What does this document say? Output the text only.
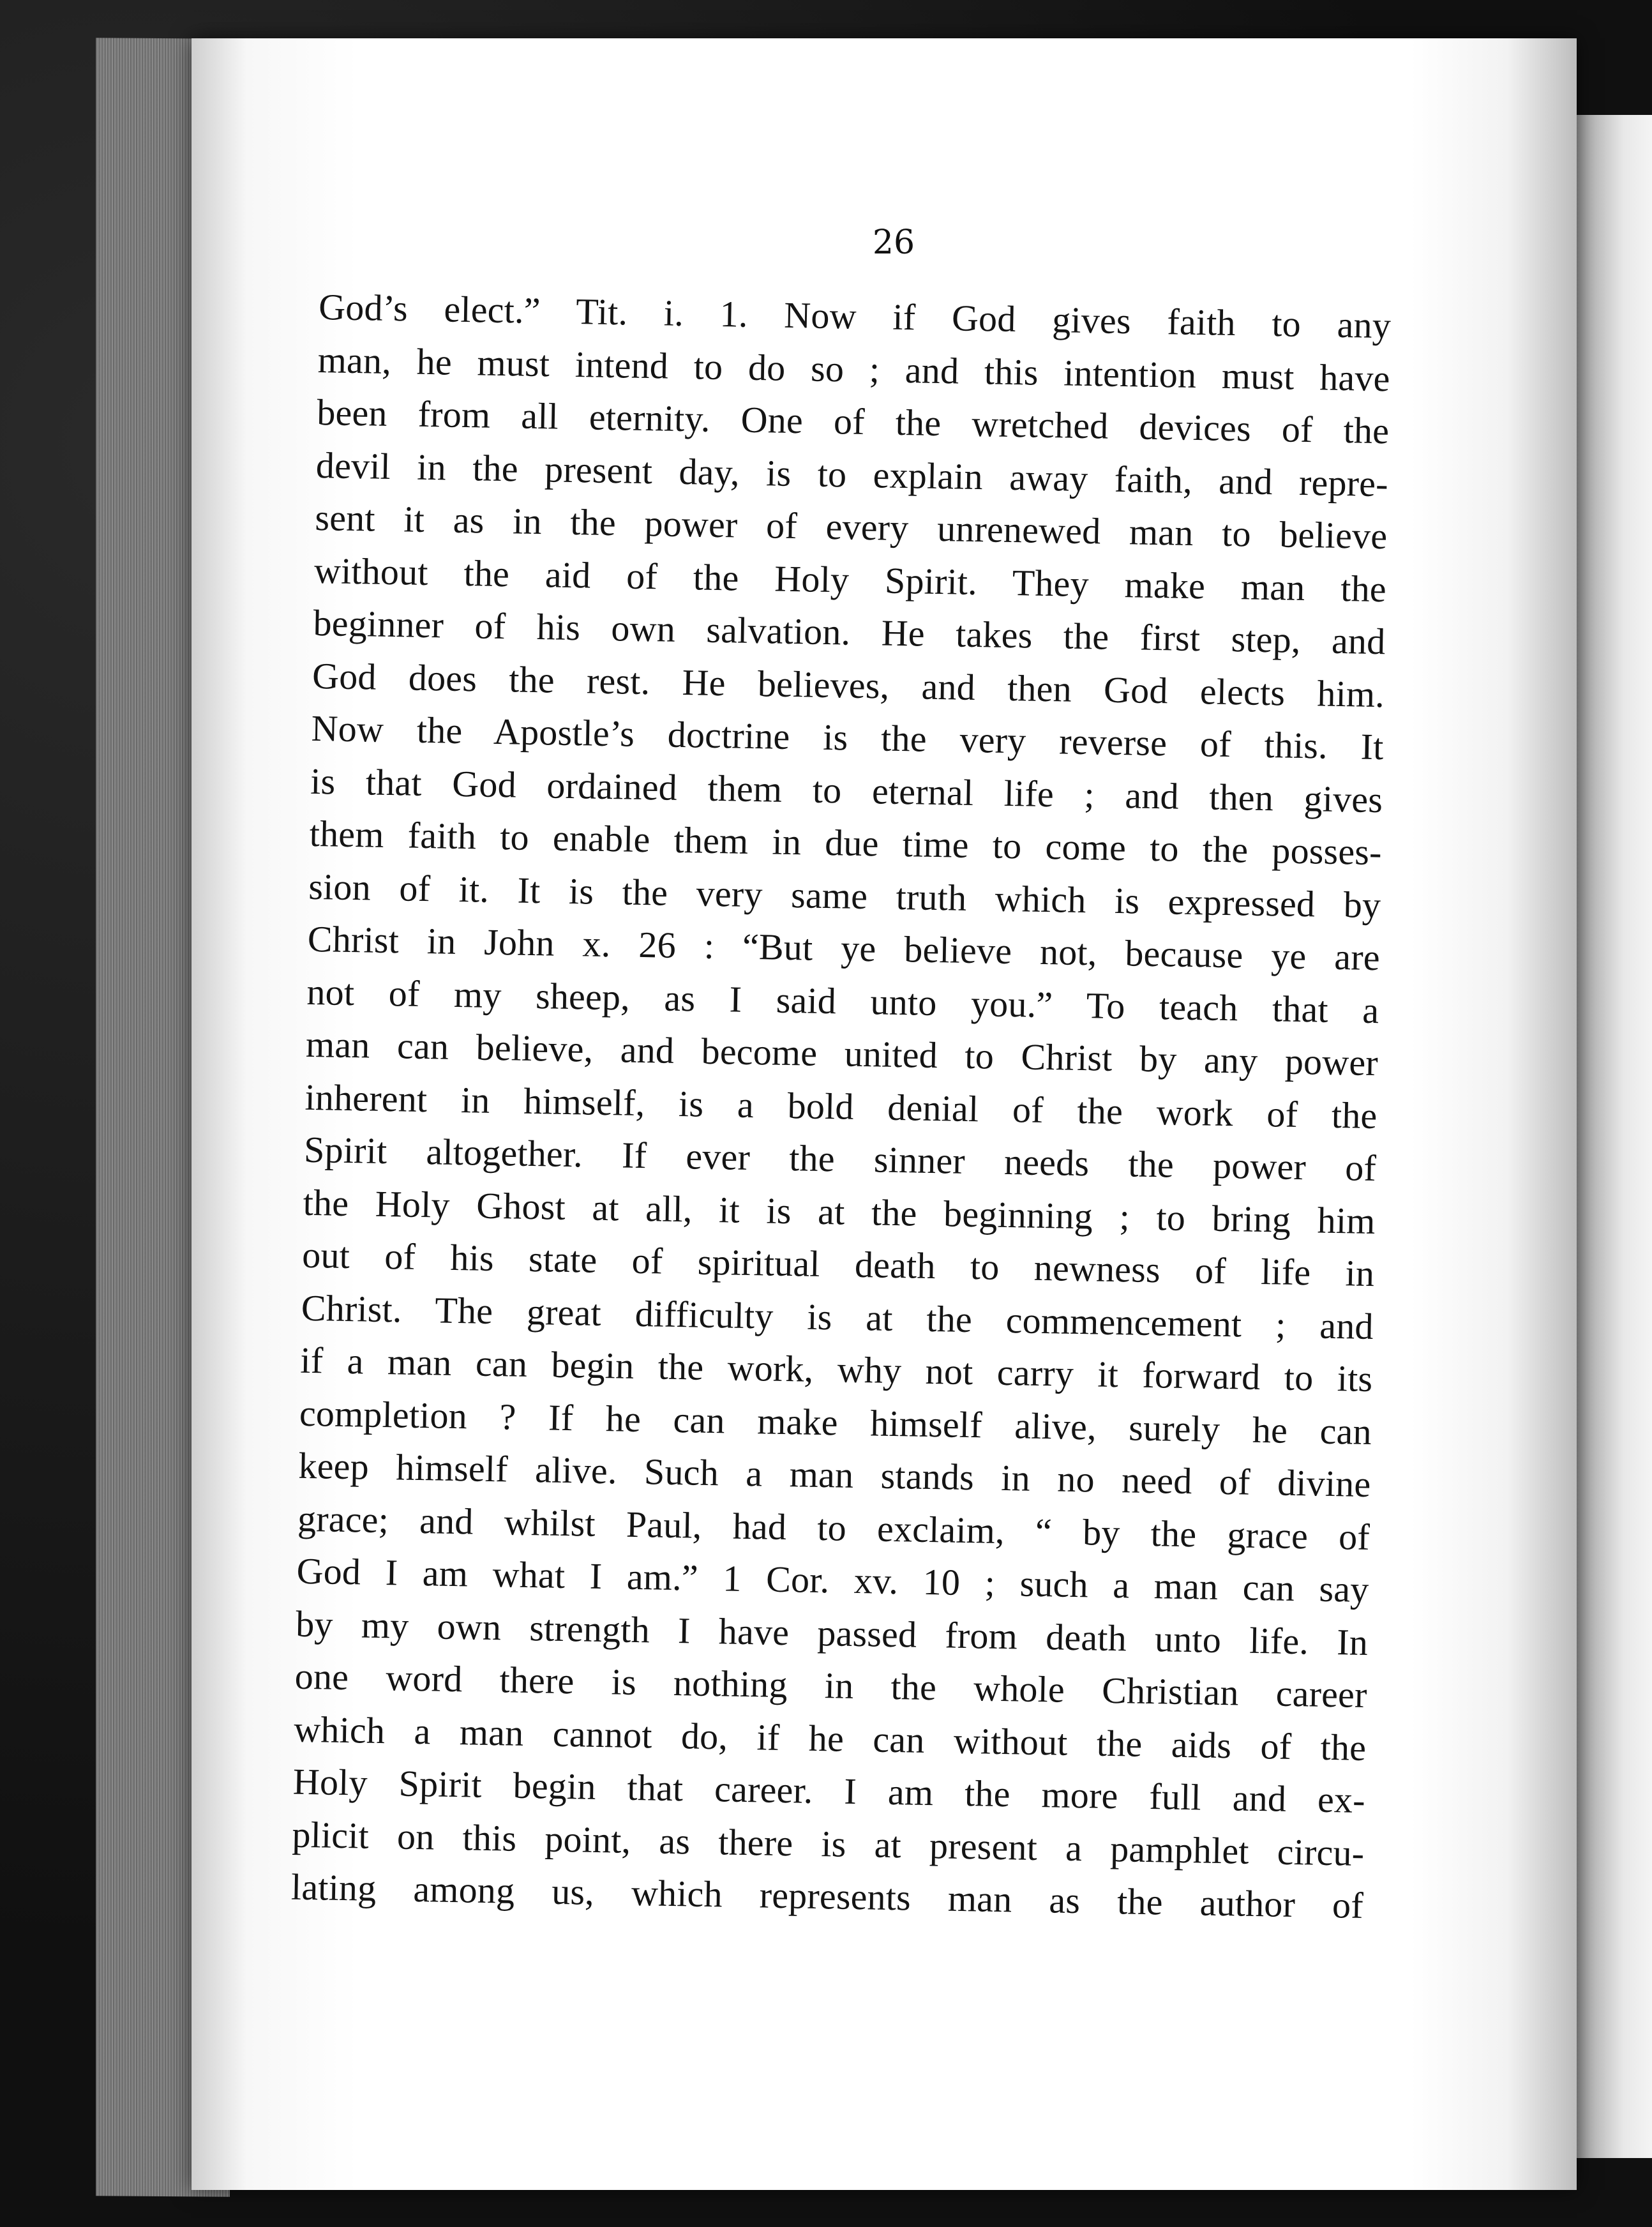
26
God’s elect.” Tit. i. 1. Now if God gives faith to any
man, he must intend to do so ; and this intention must have
been from all eternity. One of the wretched devices of the
devil in the present day, is to explain away faith, and repre-
sent it as in the power of every unrenewed man to believe
without the aid of the Holy Spirit. They make man the
beginner of his own salvation. He takes the first step, and
God does the rest. He believes, and then God elects him.
Now the Apostle’s doctrine is the very reverse of this. It
is that God ordained them to eternal life ; and then gives
them faith to enable them in due time to come to the posses-
sion of it. It is the very same truth which is expressed by
Christ in John x. 26 : “But ye believe not, because ye are
not of my sheep, as I said unto you.” To teach that a
man can believe, and become united to Christ by any power
inherent in himself, is a bold denial of the work of the
Spirit altogether. If ever the sinner needs the power of
the Holy Ghost at all, it is at the beginning ; to bring him
out of his state of spiritual death to newness of life in
Christ. The great difficulty is at the commencement ; and
if a man can begin the work, why not carry it forward to its
completion ? If he can make himself alive, surely he can
keep himself alive. Such a man stands in no need of divine
grace; and whilst Paul, had to exclaim, “ by the grace of
God I am what I am.” 1 Cor. xv. 10 ; such a man can say
by my own strength I have passed from death unto life. In
one word there is nothing in the whole Christian career
which a man cannot do, if he can without the aids of the
Holy Spirit begin that career. I am the more full and ex-
plicit on this point, as there is at present a pamphlet circu-
lating among us, which represents man as the author of
